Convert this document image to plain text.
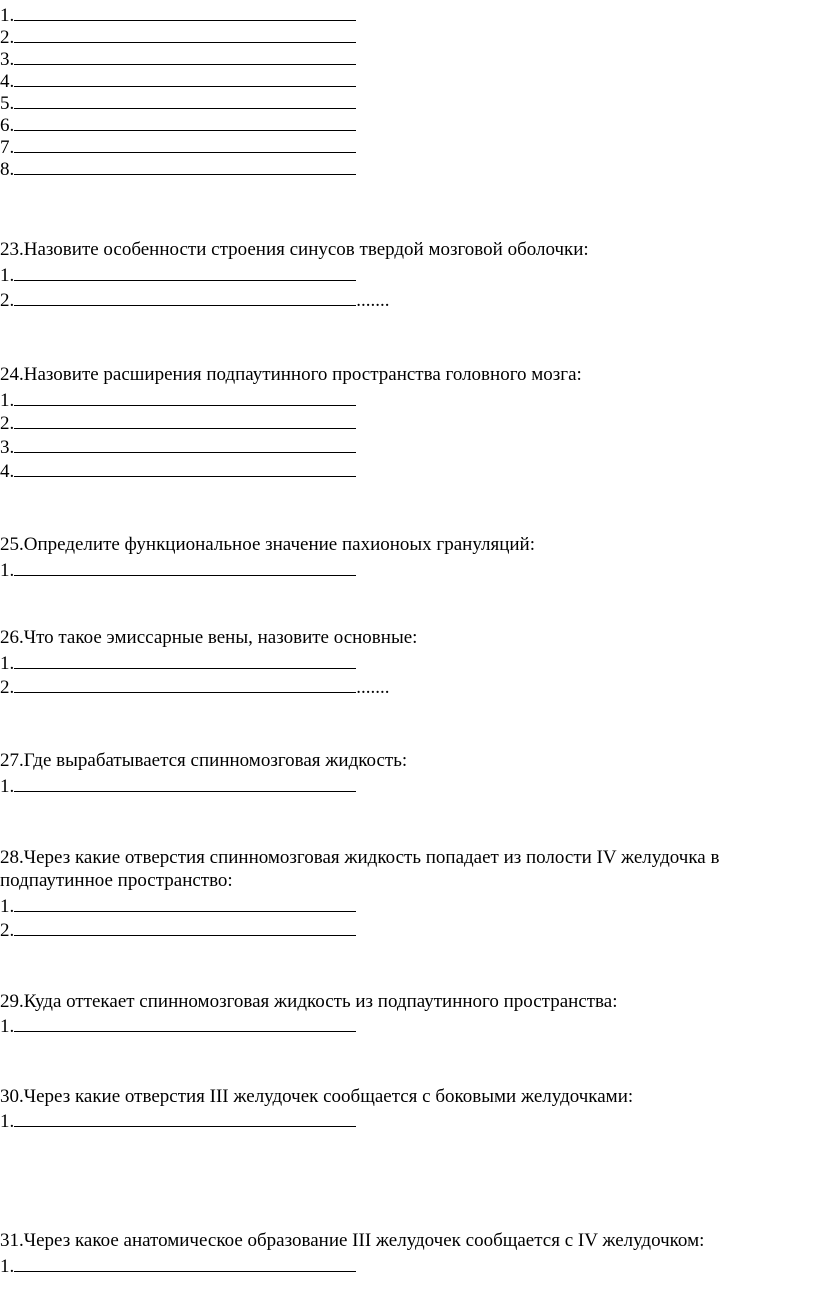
1.
2.
3.
4.
5.
6.
7.
8.
23.Назовите особенности строения синусов твердой мозговой оболочки:
1.
2.	.......
24.Назовите расширения подпаутинного пространства головного мозга:
1.
2.
3.
4.
25.Определите функциональное значение пахионоых грануляций:
1.
26.Что такое эмиссарные вены, назовите основные:
1.
2.	.......
27.Где вырабатывается спинномозговая жидкость:
1.
28.Через какие отверстия спинномозговая жидкость попадает из полости IV желудочка в
подпаутинное пространство:
1.
2.
29.Куда оттекает спинномозговая жидкость из подпаутинного пространства:
1.
30.Через какие отверстия III желудочек сообщается с боковыми желудочками:
1.
31.Через какое анатомическое образование III желудочек сообщается с IV желудочком:
1.
